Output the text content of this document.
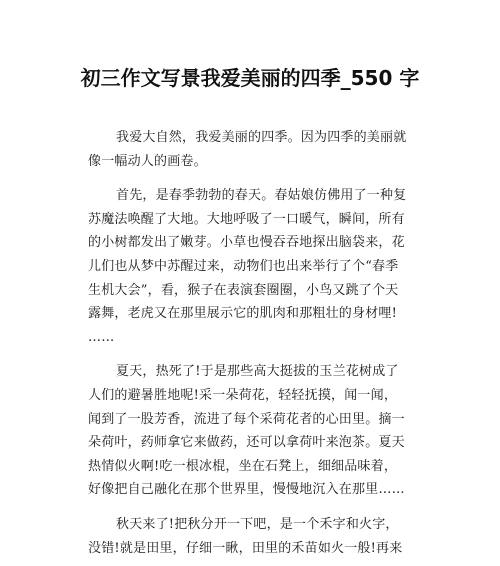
初三作文写景我爱美丽的四季_550 字
我爱大自然，我爱美丽的四季。因为四季的美丽就
像一幅动人的画卷。
首先，是春季勃勃的春天。春姑娘仿佛用了一种复
苏魔法唤醒了大地。大地呼吸了一口暖气，瞬间，所有
的小树都发出了嫩芽。小草也慢吞吞地探出脑袋来，花
儿们也从梦中苏醒过来，动物们也出来举行了个“春季
生机大会”，看，猴子在表演套圈圈，小鸟又跳了个天
露舞，老虎又在那里展示它的肌肉和那粗壮的身材哩!
……
夏天，热死了!于是那些高大挺拔的玉兰花树成了
人们的避暑胜地呢!采一朵荷花，轻轻抚摸，闻一闻，
闻到了一股芳香，流进了每个采荷花者的心田里。摘一
朵荷叶，药师拿它来做药，还可以拿荷叶来泡茶。夏天
热情似火啊!吃一根冰棍，坐在石凳上，细细品味着，
好像把自己融化在那个世界里，慢慢地沉入在那里……
秋天来了!把秋分开一下吧，是一个禾字和火字，
没错!就是田里，仔细一瞅，田里的禾苗如火一般!再来
